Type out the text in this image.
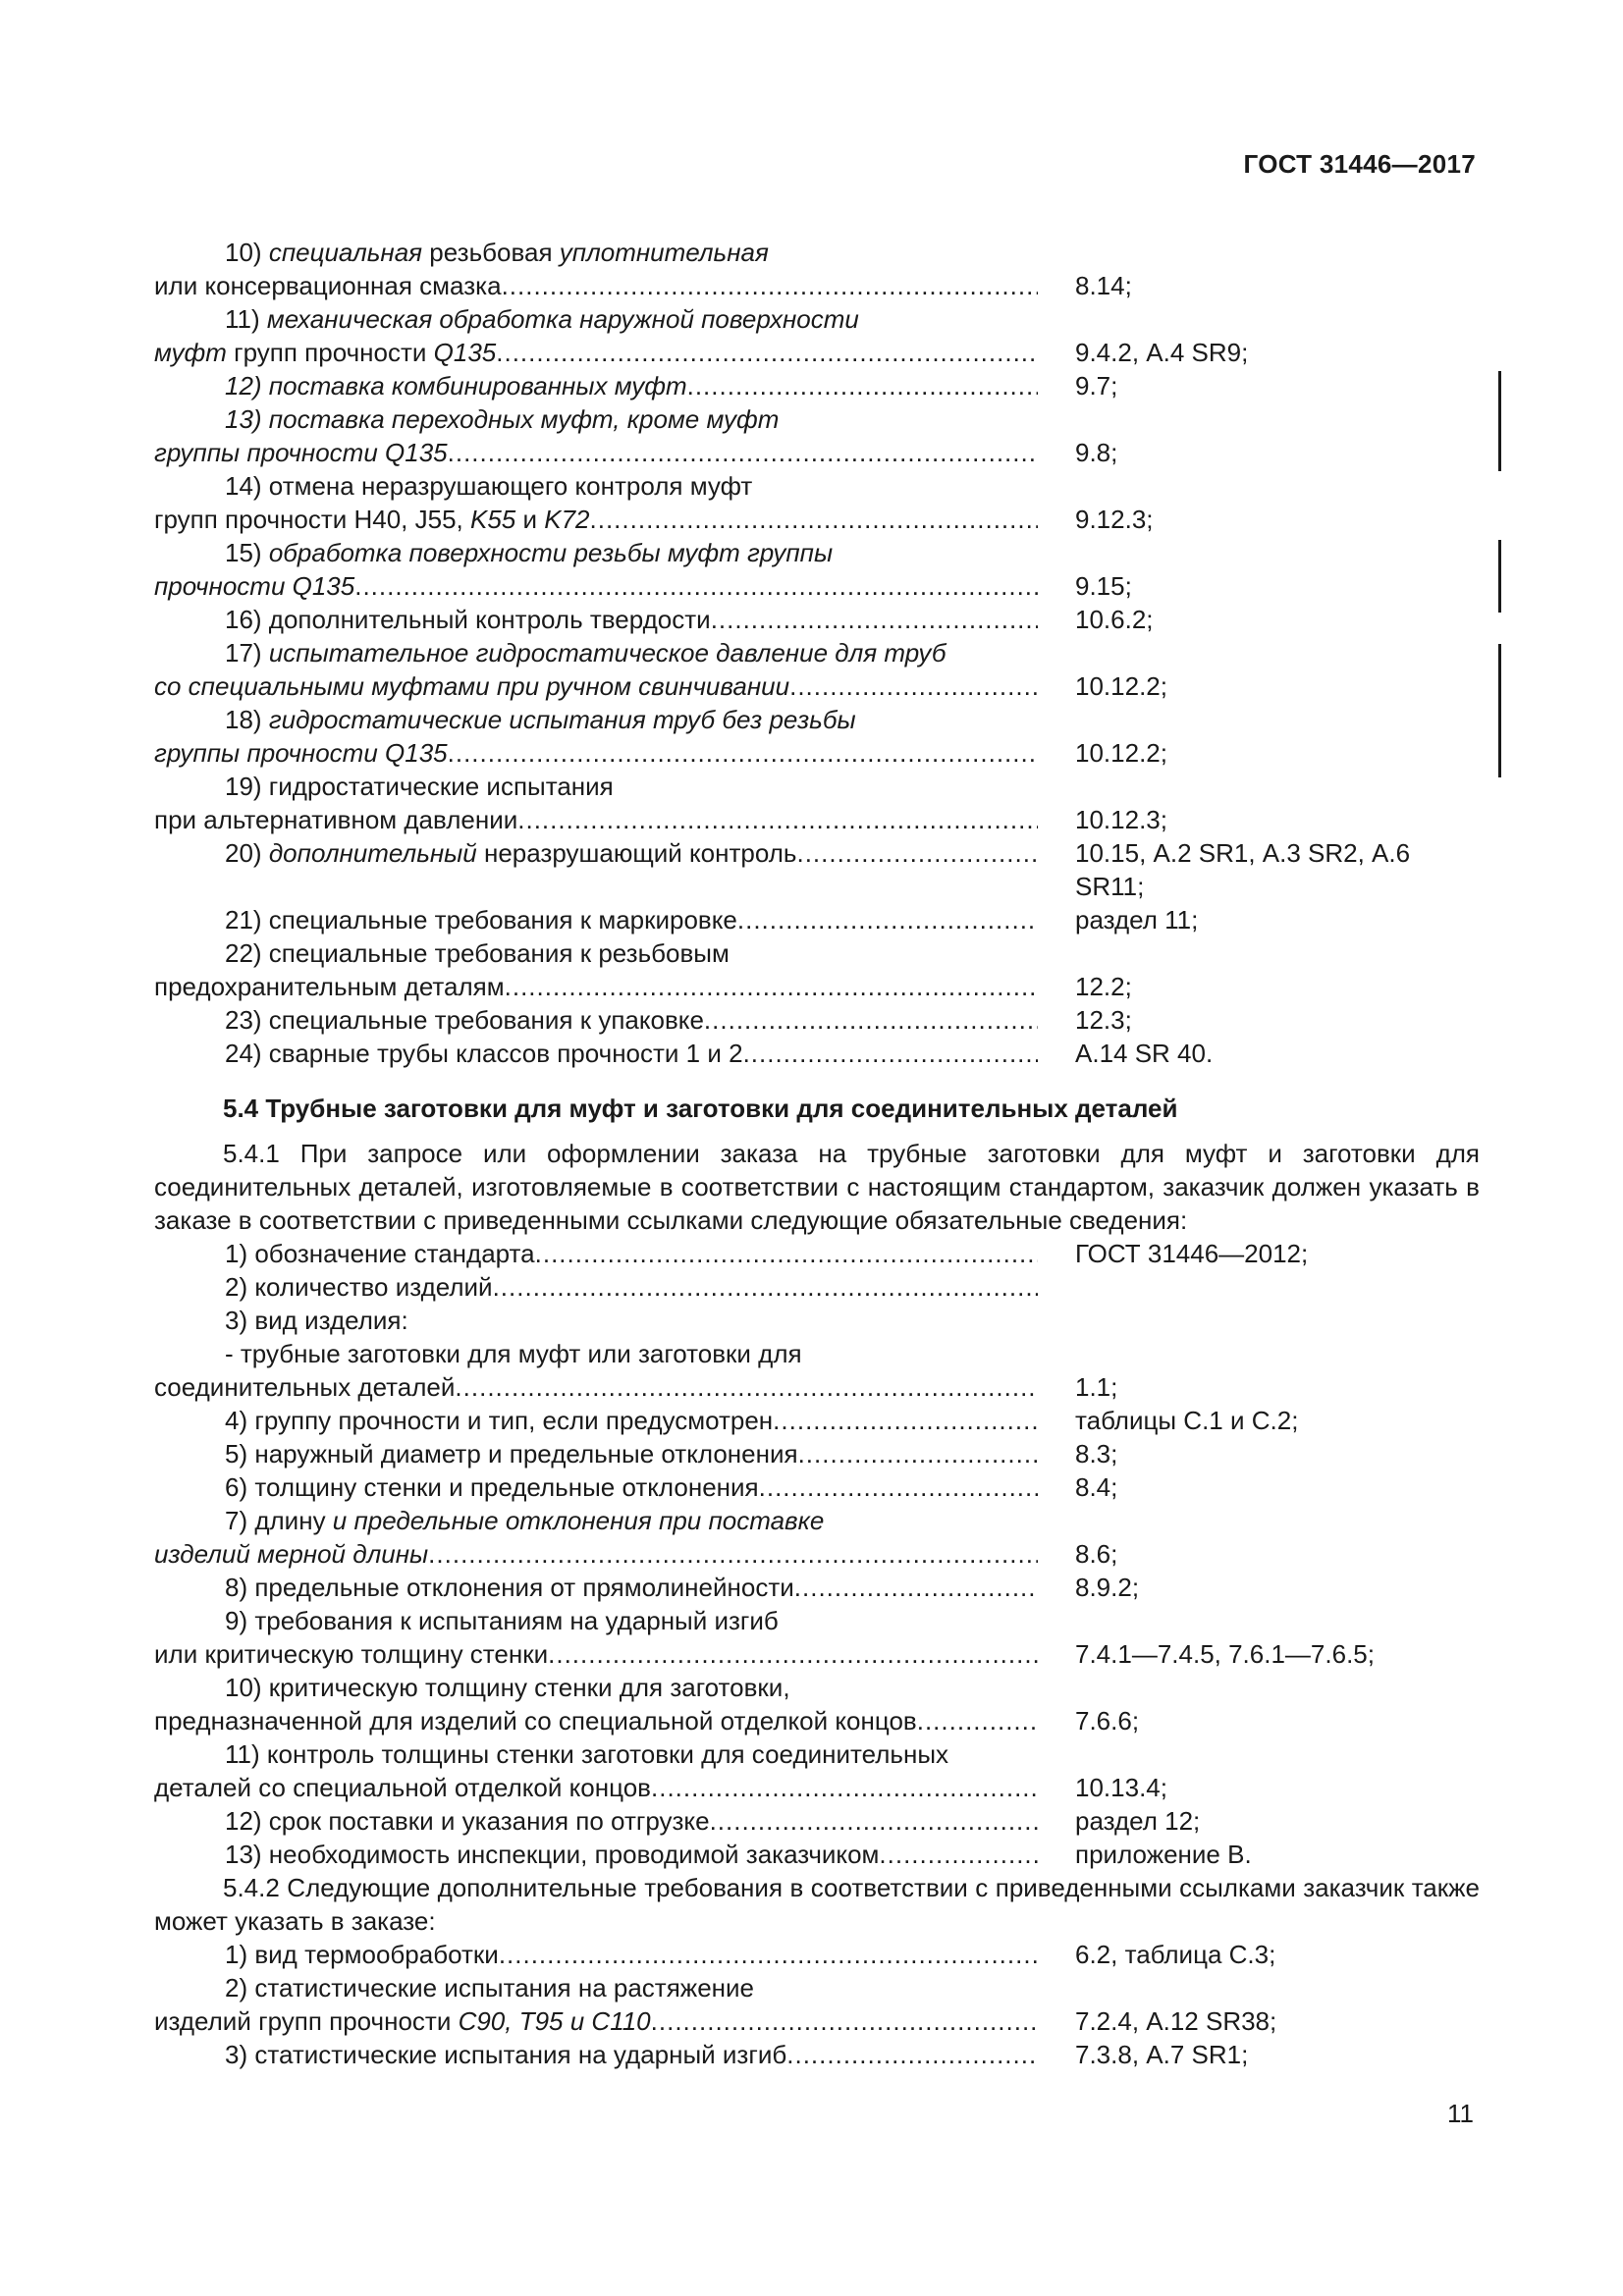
ГОСТ 31446—2017
10) специальная резьбовая уплотнительная
или консервационная смазка .....	8.14;
11) механическая обработка наружной поверхности
муфт групп прочности Q135 .....	9.4.2, А.4 SR9;
12) поставка комбинированных муфт .....	9.7;
13) поставка переходных муфт, кроме муфт
группы прочности Q135 .....	9.8;
14) отмена неразрушающего контроля муфт
групп прочности Н40, J55, K55 и K72 .....	9.12.3;
15) обработка поверхности резьбы муфт группы
прочности Q135 .....	9.15;
16) дополнительный контроль твердости .....	10.6.2;
17) испытательное гидростатическое давление для труб
со специальными муфтами при ручном свинчивании .....	10.12.2;
18) гидростатические испытания труб без резьбы
группы прочности Q135 .....	10.12.2;
19) гидростатические испытания
при альтернативном давлении .....	10.12.3;
20) дополнительный неразрушающий контроль .....	10.15, А.2 SR1, А.3 SR2, А.6 SR11;
21) специальные требования к маркировке .....	раздел 11;
22) специальные требования к резьбовым
предохранительным деталям .....	12.2;
23) специальные требования к упаковке .....	12.3;
24) сварные трубы классов прочности 1 и 2 .....	А.14 SR 40.
5.4 Трубные заготовки для муфт и заготовки для соединительных деталей
5.4.1 При запросе или оформлении заказа на трубные заготовки для муфт и заготовки для соединительных деталей, изготовляемые в соответствии с настоящим стандартом, заказчик должен указать в заказе в соответствии с приведенными ссылками следующие обязательные сведения:
1) обозначение стандарта .....	ГОСТ 31446—2012;
2) количество изделий
.....
3) вид изделия:
- трубные заготовки для муфт или заготовки для
соединительных деталей .....	1.1;
4) группу прочности и тип, если предусмотрен .....	таблицы С.1 и С.2;
5) наружный диаметр и предельные отклонения .....	8.3;
6) толщину стенки и предельные отклонения .....	8.4;
7) длину и предельные отклонения при поставке
изделий мерной длины .....	8.6;
8) предельные отклонения от прямолинейности .....	8.9.2;
9) требования к испытаниям на ударный изгиб
или критическую толщину стенки .....	7.4.1—7.4.5, 7.6.1—7.6.5;
10) критическую толщину стенки для заготовки,
предназначенной для изделий со специальной отделкой концов .....	7.6.6;
11) контроль толщины стенки заготовки для соединительных
деталей со специальной отделкой концов .....	10.13.4;
12) срок поставки и указания по отгрузке .....	раздел 12;
13) необходимость инспекции, проводимой заказчиком .....	приложение В.
5.4.2 Следующие дополнительные требования в соответствии с приведенными ссылками заказчик также может указать в заказе:
1) вид термообработки .....	6.2, таблица С.3;
2) статистические испытания на растяжение
изделий групп прочности С90, Т95 и С110 .....	7.2.4, А.12 SR38;
3) статистические испытания на ударный изгиб .....	7.3.8, А.7 SR1;
11
